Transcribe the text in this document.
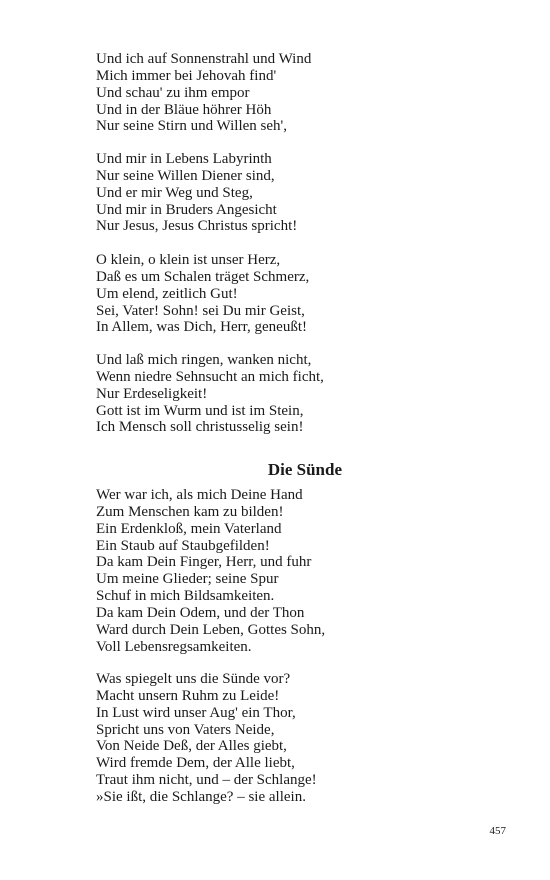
Und ich auf Sonnenstrahl und Wind
Mich immer bei Jehovah find'
Und schau' zu ihm empor
Und in der Bläue höhrer Höh
Nur seine Stirn und Willen seh',
Und mir in Lebens Labyrinth
Nur seine Willen Diener sind,
Und er mir Weg und Steg,
Und mir in Bruders Angesicht
Nur Jesus, Jesus Christus spricht!
O klein, o klein ist unser Herz,
Daß es um Schalen träget Schmerz,
Um elend, zeitlich Gut!
Sei, Vater! Sohn! sei Du mir Geist,
In Allem, was Dich, Herr, geneußt!
Und laß mich ringen, wanken nicht,
Wenn niedre Sehnsucht an mich ficht,
Nur Erdeseligkeit!
Gott ist im Wurm und ist im Stein,
Ich Mensch soll christusselig sein!
Die Sünde
Wer war ich, als mich Deine Hand
Zum Menschen kam zu bilden!
Ein Erdenkloß, mein Vaterland
Ein Staub auf Staubgefilden!
Da kam Dein Finger, Herr, und fuhr
Um meine Glieder; seine Spur
Schuf in mich Bildsamkeiten.
Da kam Dein Odem, und der Thon
Ward durch Dein Leben, Gottes Sohn,
Voll Lebensregsamkeiten.
Was spiegelt uns die Sünde vor?
Macht unsern Ruhm zu Leide!
In Lust wird unser Aug' ein Thor,
Spricht uns von Vaters Neide,
Von Neide Deß, der Alles giebt,
Wird fremde Dem, der Alle liebt,
Traut ihm nicht, und – der Schlange!
»Sie ißt, die Schlange? – sie allein.
457
